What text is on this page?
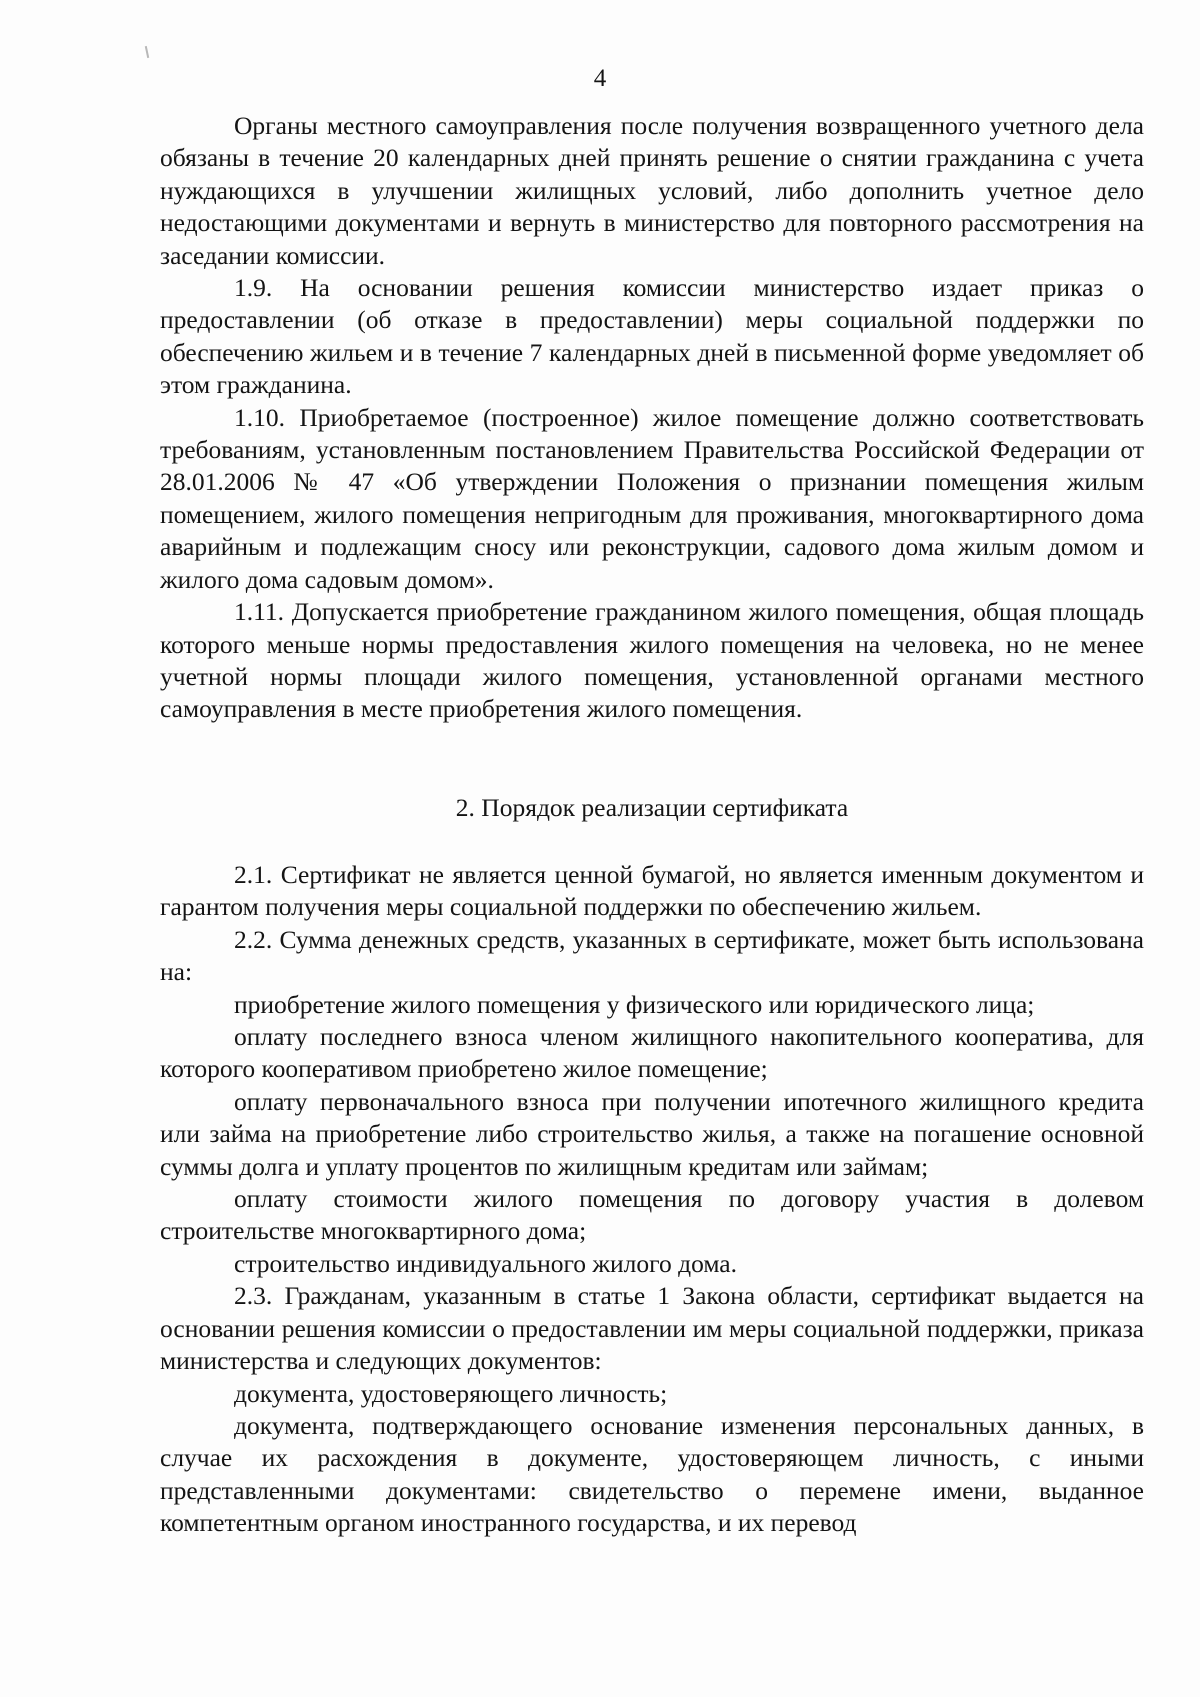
4

Органы местного самоуправления после получения возвращенного учетного дела обязаны в течение 20 календарных дней принять решение о снятии гражданина с учета нуждающихся в улучшении жилищных условий, либо дополнить учетное дело недостающими документами и вернуть в министерство для повторного рассмотрения на заседании комиссии.

1.9. На основании решения комиссии министерство издает приказ о предоставлении (об отказе в предоставлении) меры социальной поддержки по обеспечению жильем и в течение 7 календарных дней в письменной форме уведомляет об этом гражданина.

1.10. Приобретаемое (построенное) жилое помещение должно соответствовать требованиям, установленным постановлением Правительства Российской Федерации от 28.01.2006 № 47 «Об утверждении Положения о признании помещения жилым помещением, жилого помещения непригодным для проживания, многоквартирного дома аварийным и подлежащим сносу или реконструкции, садового дома жилым домом и жилого дома садовым домом».

1.11. Допускается приобретение гражданином жилого помещения, общая площадь которого меньше нормы предоставления жилого помещения на человека, но не менее учетной нормы площади жилого помещения, установленной органами местного самоуправления в месте приобретения жилого помещения.

2. Порядок реализации сертификата

2.1. Сертификат не является ценной бумагой, но является именным документом и гарантом получения меры социальной поддержки по обеспечению жильем.

2.2. Сумма денежных средств, указанных в сертификате, может быть использована на:

приобретение жилого помещения у физического или юридического лица;

оплату последнего взноса членом жилищного накопительного кооператива, для которого кооперативом приобретено жилое помещение;

оплату первоначального взноса при получении ипотечного жилищного кредита или займа на приобретение либо строительство жилья, а также на погашение основной суммы долга и уплату процентов по жилищным кредитам или займам;

оплату стоимости жилого помещения по договору участия в долевом строительстве многоквартирного дома;

строительство индивидуального жилого дома.

2.3. Гражданам, указанным в статье 1 Закона области, сертификат выдается на основании решения комиссии о предоставлении им меры социальной поддержки, приказа министерства и следующих документов:

документа, удостоверяющего личность;

документа, подтверждающего основание изменения персональных данных, в случае их расхождения в документе, удостоверяющем личность, с иными представленными документами: свидетельство о перемене имени, выданное компетентным органом иностранного государства, и их перевод
